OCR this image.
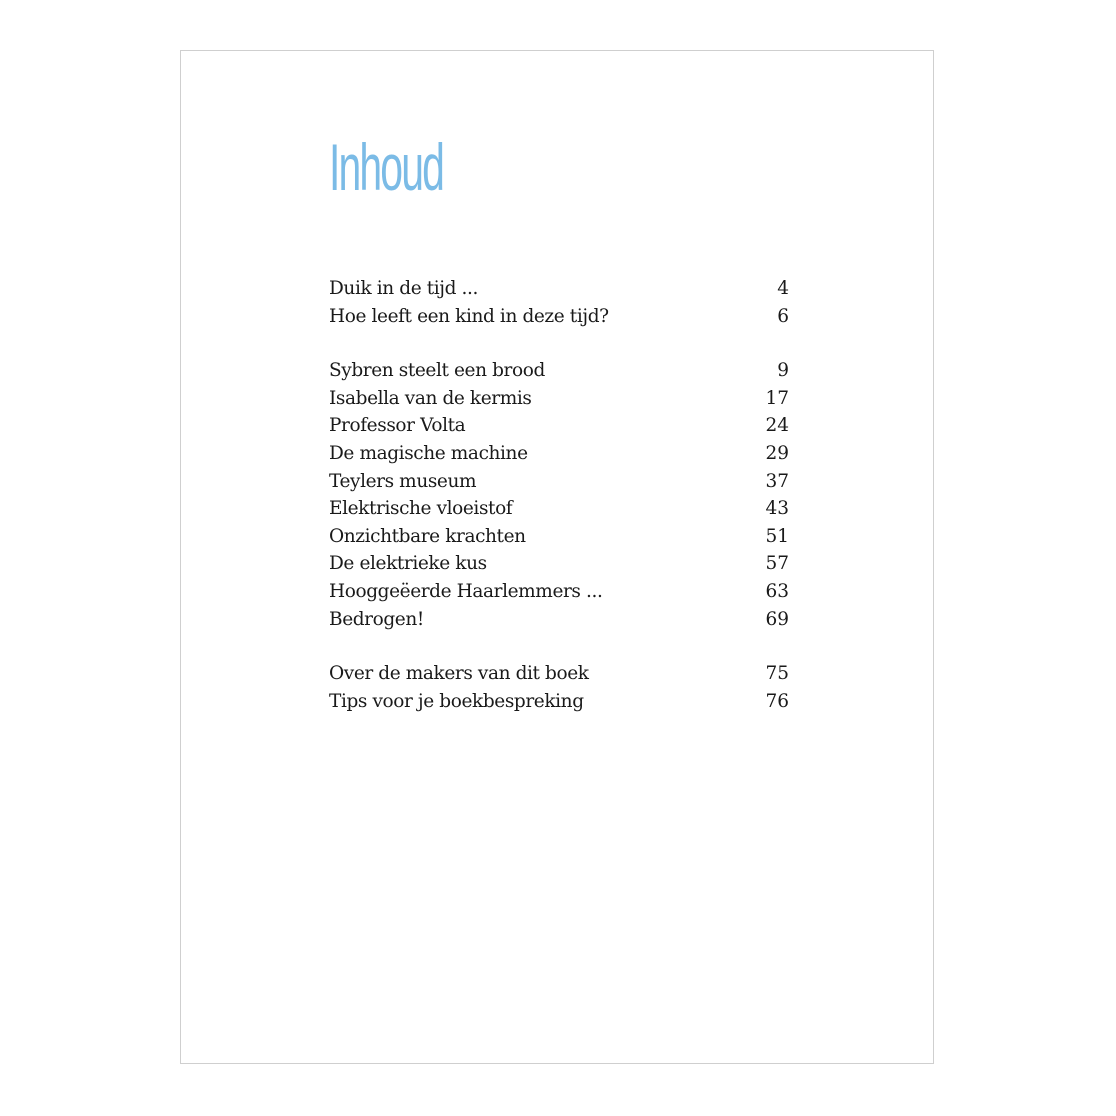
Inhoud
Duik in de tijd ...	4
Hoe leeft een kind in deze tijd?	6
Sybren steelt een brood	9
Isabella van de kermis	17
Professor Volta	24
De magische machine	29
Teylers museum	37
Elektrische vloeistof	43
Onzichtbare krachten	51
De elektrieke kus	57
Hooggeëerde Haarlemmers ...	63
Bedrogen!	69
Over de makers van dit boek	75
Tips voor je boekbespreking	76
